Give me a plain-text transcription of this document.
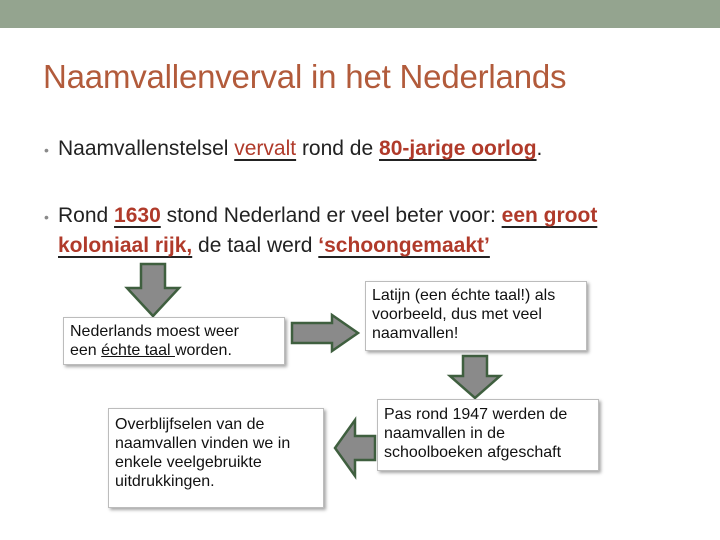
Naamvallenverval in het Nederlands
• Naamvallenstelsel vervalt rond de 80-jarige oorlog.
• Rond 1630 stond Nederland er veel beter voor: een groot koloniaal rijk, de taal werd ‘schoongemaakt’
Nederlands moest weer
een échte taal worden.
Latijn (een échte taal!) als
voorbeeld, dus met veel
naamvallen!
Overblijfselen van de
naamvallen vinden we in
enkele veelgebruikte
uitdrukkingen.
Pas rond 1947 werden de
naamvallen in de
schoolboeken afgeschaft
